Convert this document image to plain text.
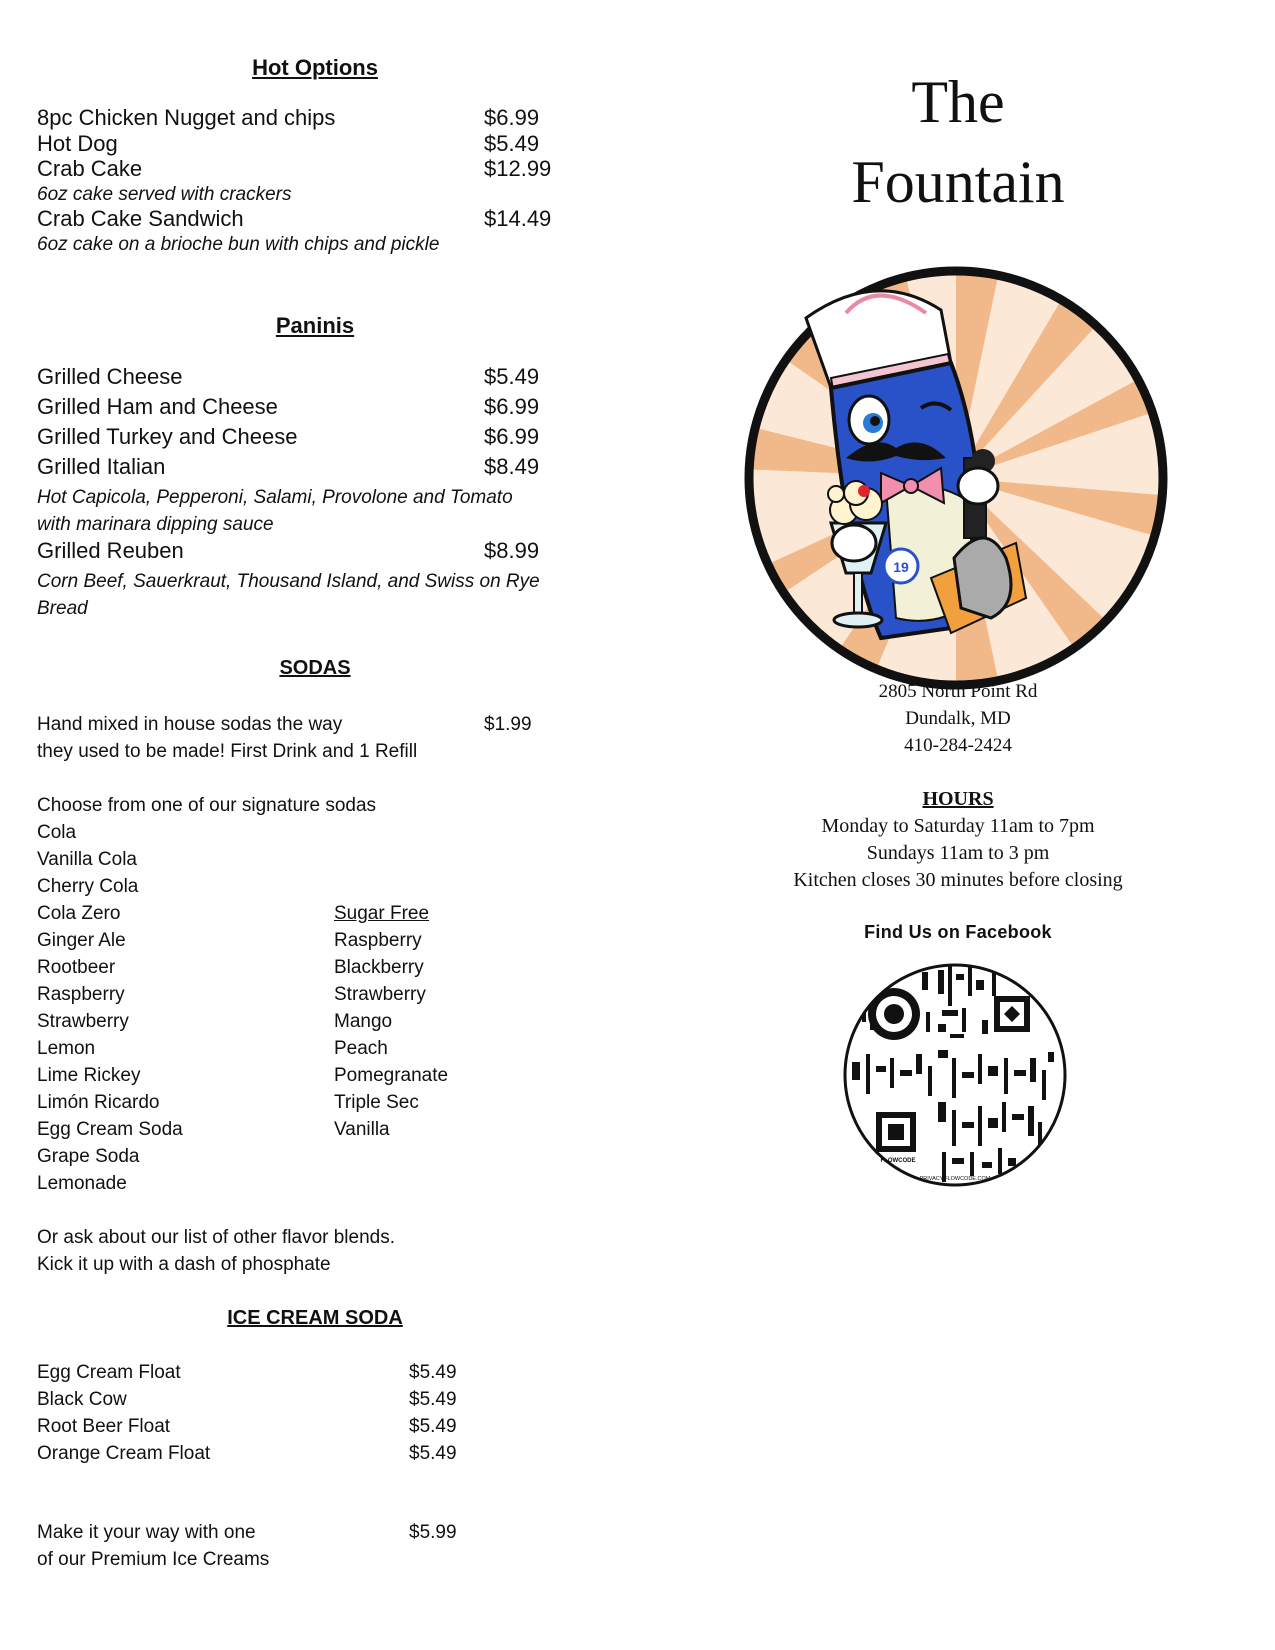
Hot Options
8pc Chicken Nugget and chips	$6.99
Hot Dog	$5.49
Crab Cake	$12.99
6oz cake served with crackers
Crab Cake Sandwich	$14.49
6oz cake on a brioche bun with chips and pickle
Paninis
Grilled Cheese	$5.49
Grilled Ham and Cheese	$6.99
Grilled Turkey and Cheese	$6.99
Grilled Italian	$8.49
Hot Capicola, Pepperoni, Salami, Provolone and Tomato
with marinara dipping sauce
Grilled Reuben	$8.99
Corn Beef, Sauerkraut, Thousand Island, and Swiss on Rye
Bread
SODAS
Hand mixed in house sodas the way
they used to be made! First Drink and 1 Refill
$1.99
Choose from one of our signature sodas
Cola
Vanilla Cola
Cherry Cola
Cola Zero
Ginger Ale
Rootbeer
Raspberry
Strawberry
Lemon
Lime Rickey
Limón Ricardo
Egg Cream Soda
Grape Soda
Lemonade
Sugar Free
Raspberry
Blackberry
Strawberry
Mango
Peach
Pomegranate
Triple Sec
Vanilla
Or ask about our list of other flavor blends.
Kick it up with a dash of phosphate
ICE CREAM SODA
Egg Cream Float	$5.49
Black Cow	$5.49
Root Beer Float	$5.49
Orange Cream Float	$5.49
Make it your way with one
of our Premium Ice Creams
$5.99
The
Fountain
19
2805 North Point Rd
Dundalk, MD
410-284-2424
HOURS
Monday to Saturday 11am to 7pm
Sundays 11am to 3 pm
Kitchen closes 30 minutes before closing
Find Us on Facebook
FLOWCODE
PRIVACY.FLOWCODE.COM
